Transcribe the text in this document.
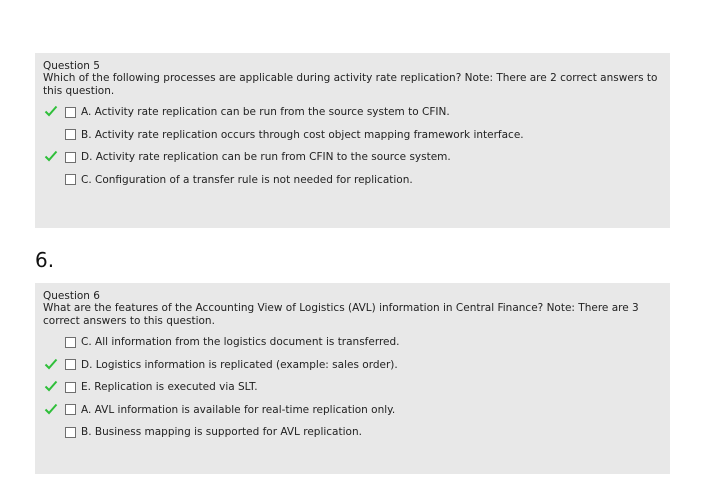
Question 5
Which of the following processes are applicable during activity rate replication? Note: There are 2 correct answers to this question.
A. Activity rate replication can be run from the source system to CFIN.
B. Activity rate replication occurs through cost object mapping framework interface.
D. Activity rate replication can be run from CFIN to the source system.
C. Configuration of a transfer rule is not needed for replication.
6.
Question 6
What are the features of the Accounting View of Logistics (AVL) information in Central Finance? Note: There are 3 correct answers to this question.
C. All information from the logistics document is transferred.
D. Logistics information is replicated (example: sales order).
E. Replication is executed via SLT.
A. AVL information is available for real-time replication only.
B. Business mapping is supported for AVL replication.
